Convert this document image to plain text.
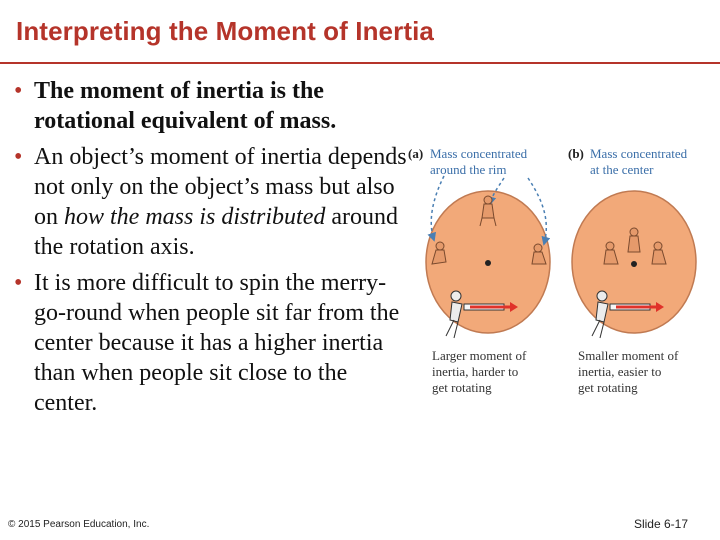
Interpreting the Moment of Inertia
• The moment of inertia is the rotational equivalent of mass.
• An object’s moment of inertia depends not only on the object’s mass but also on how the mass is distributed around the rotation axis.
• It is more difficult to spin the merry-go-round when people sit far from the center because it has a higher inertia than when people sit close to the center.
(a) Mass concentrated
around the rim
Larger moment of
inertia, harder to
get rotating
(b) Mass concentrated
at the center
Smaller moment of
inertia, easier to
get rotating
© 2015 Pearson Education, Inc.	Slide 6-17
